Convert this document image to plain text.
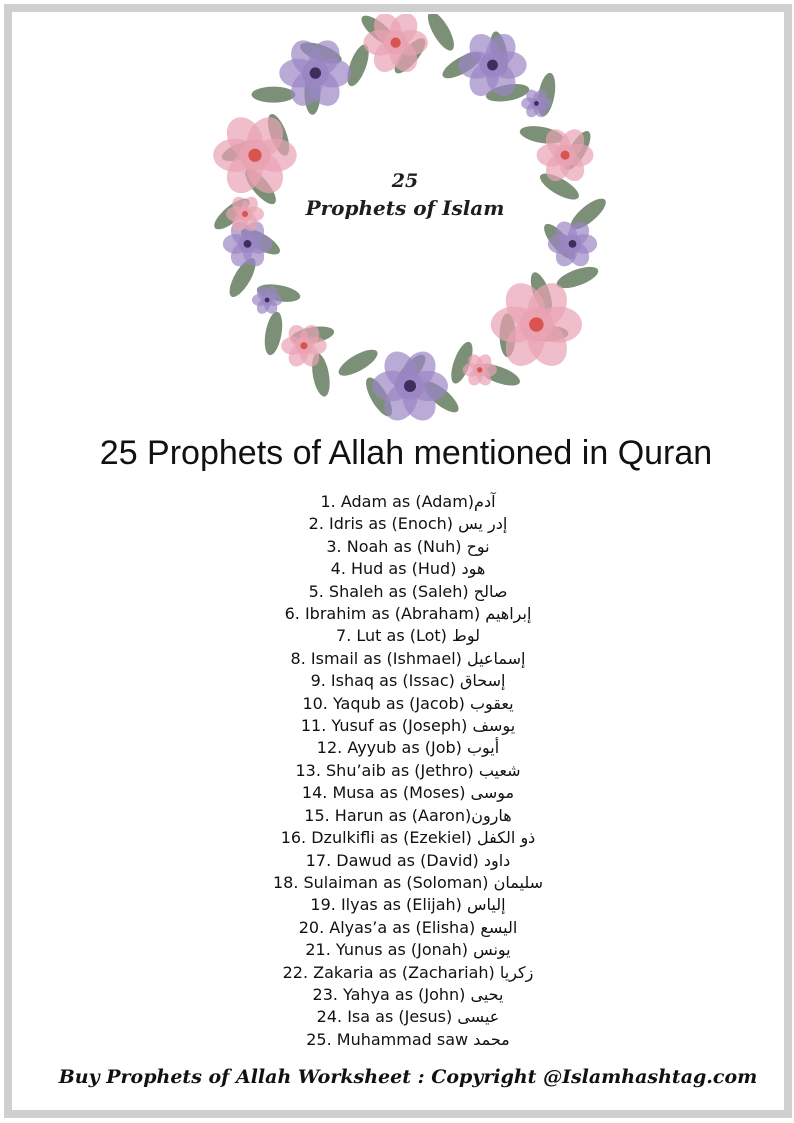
25
Prophets of Islam
25 Prophets of Allah mentioned in Quran
1. Adam as (Adam)آدم
2. Idris as (Enoch) إدر يس
3. Noah as (Nuh) نوح
4. Hud as (Hud) هود
5. Shaleh as (Saleh) صالح
6. Ibrahim as (Abraham) إبراهيم
7. Lut as (Lot) لوط
8. Ismail as (Ishmael) إسماعيل
9. Ishaq as (Issac) إسحاق
10. Yaqub as (Jacob) يعقوب
11. Yusuf as (Joseph) يوسف
12. Ayyub as (Job) أيوب
13. Shu’aib as (Jethro) شعيب
14. Musa as (Moses) موسى
15. Harun as (Aaron)هارون
16. Dzulkifli as (Ezekiel) ذو الكفل
17. Dawud as (David) داود
18. Sulaiman as (Soloman) سليمان
19. Ilyas as (Elijah) إلياس
20. Alyas’a as (Elisha) اليسع
21. Yunus as (Jonah) يونس
22. Zakaria as (Zachariah) زكريا
23. Yahya as (John) يحيى
24. Isa as (Jesus) عيسى
25. Muhammad saw محمد
Buy Prophets of Allah Worksheet : Copyright @Islamhashtag.com
